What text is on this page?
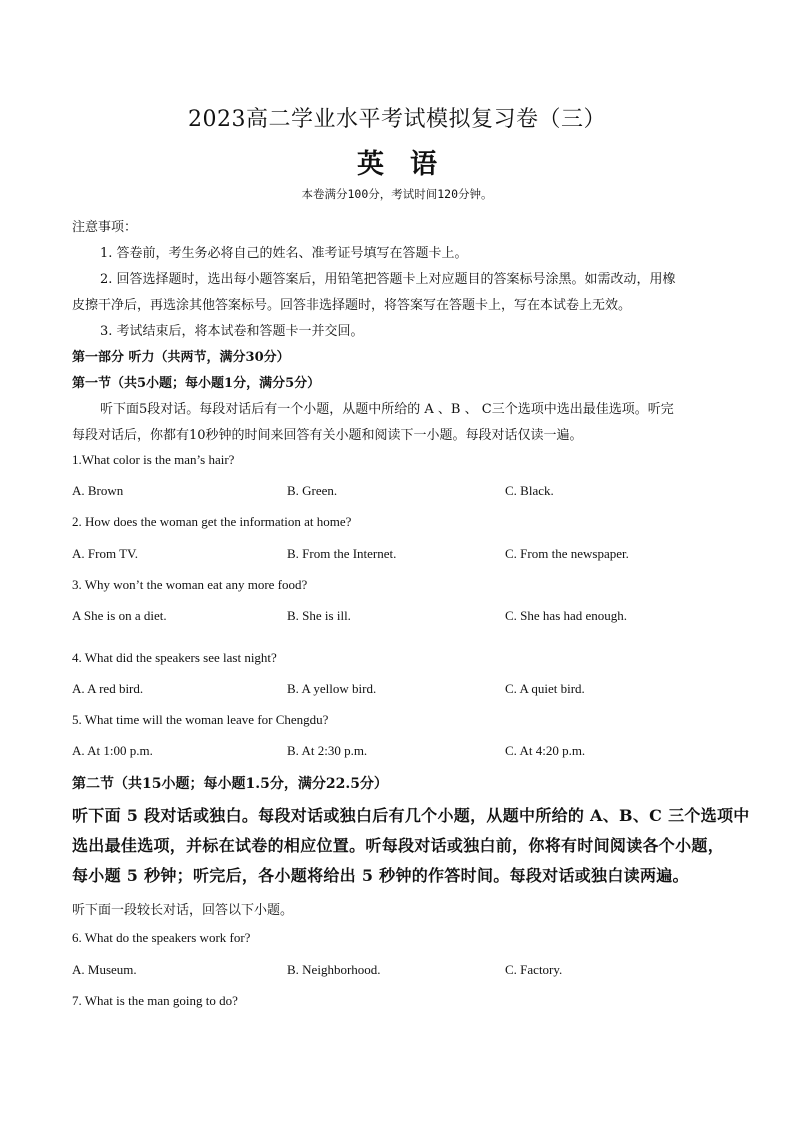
2023高二学业水平考试模拟复习卷（三）
英语
本卷满分100分，考试时间120分钟。
注意事项：
1. 答卷前，考生务必将自己的姓名、准考证号填写在答题卡上。
2. 回答选择题时，选出每小题答案后，用铅笔把答题卡上对应题目的答案标号涂黑。如需改动，用橡
皮擦干净后，再选涂其他答案标号。回答非选择题时，将答案写在答题卡上，写在本试卷上无效。
3. 考试结束后，将本试卷和答题卡一并交回。
第一部分 听力（共两节，满分30分）
第一节（共5小题；每小题1分，满分5分）
听下面5段对话。每段对话后有一个小题，从题中所给的 A 、B 、 C三个选项中选出最佳选项。听完
每段对话后，你都有10秒钟的时间来回答有关小题和阅读下一小题。每段对话仅读一遍。
1.What color is the man’s hair?
A. Brown	B. Green.	C. Black.
2. How does the woman get the information at home?
A. From TV.	B. From the Internet.	C. From the newspaper.
3. Why won’t the woman eat any more food?
A She is on a diet.	B. She is ill.	C. She has had enough.
4. What did the speakers see last night?
A. A red bird.	B. A yellow bird.	C. A quiet bird.
5. What time will the woman leave for Chengdu?
A. At 1:00 p.m.	B. At 2:30 p.m.	C. At 4:20 p.m.
第二节（共15小题；每小题1.5分，满分22.5分）
听下面 5 段对话或独白。每段对话或独白后有几个小题，从题中所给的 A、B、C 三个选项中
选出最佳选项，并标在试卷的相应位置。听每段对话或独白前，你将有时间阅读各个小题，
每小题 5 秒钟；听完后，各小题将给出 5 秒钟的作答时间。每段对话或独白读两遍。
听下面一段较长对话，回答以下小题。
6. What do the speakers work for?
A. Museum.	B. Neighborhood.	C. Factory.
7. What is the man going to do?
